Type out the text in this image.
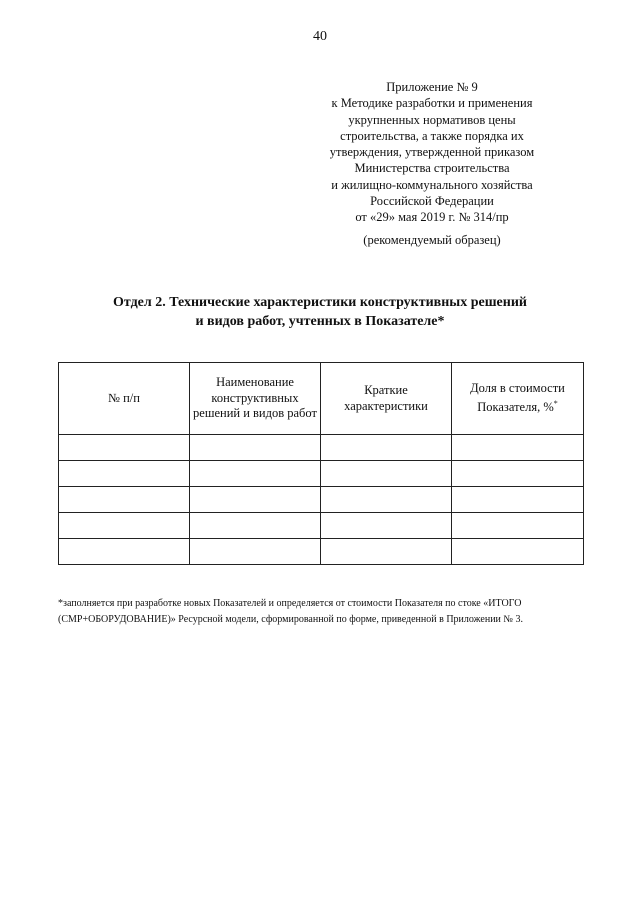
40
Приложение № 9
к Методике разработки и применения
укрупненных нормативов цены
строительства, а также порядка их
утверждения, утвержденной приказом
Министерства строительства
и жилищно-коммунального хозяйства
Российской Федерации
от «29» мая 2019 г. № 314/пр
(рекомендуемый образец)
Отдел 2. Технические характеристики конструктивных решений
и видов работ, учтенных в Показателе*
№ п/п	Наименование конструктивных решений и видов работ	Краткие характеристики	Доля в стоимости Показателя, %*

*заполняется при разработке новых Показателей и определяется от стоимости Показателя по стоке «ИТОГО
(СМР+ОБОРУДОВАНИЕ)» Ресурсной модели, сформированной по форме, приведенной в Приложении № 3.
